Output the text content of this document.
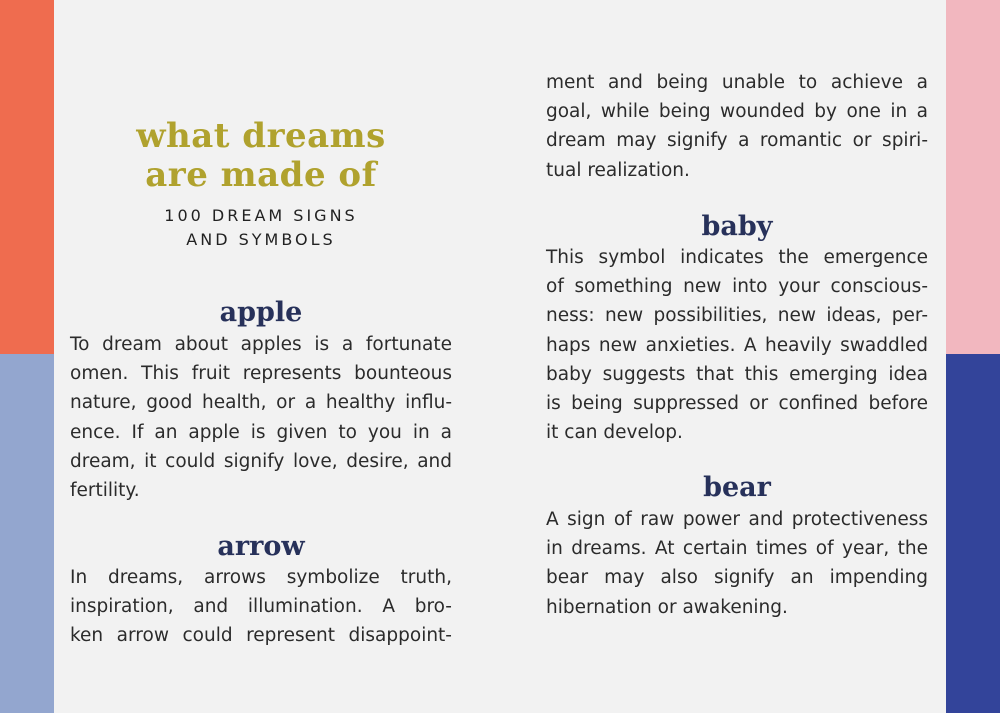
what dreams
are made of
100 DREAM SIGNS
AND SYMBOLS
apple
To dream about apples is a fortunate
omen. This fruit represents bounteous
nature, good health, or a healthy influ-
ence. If an apple is given to you in a
dream, it could signify love, desire, and
fertility.
arrow
In dreams, arrows symbolize truth,
inspiration, and illumination. A bro-
ken arrow could represent disappoint-
ment and being unable to achieve a
goal, while being wounded by one in a
dream may signify a romantic or spiri-
tual realization.
baby
This symbol indicates the emergence
of something new into your conscious-
ness: new possibilities, new ideas, per-
haps new anxieties. A heavily swaddled
baby suggests that this emerging idea
is being suppressed or confined before
it can develop.
bear
A sign of raw power and protectiveness
in dreams. At certain times of year, the
bear may also signify an impending
hibernation or awakening.
